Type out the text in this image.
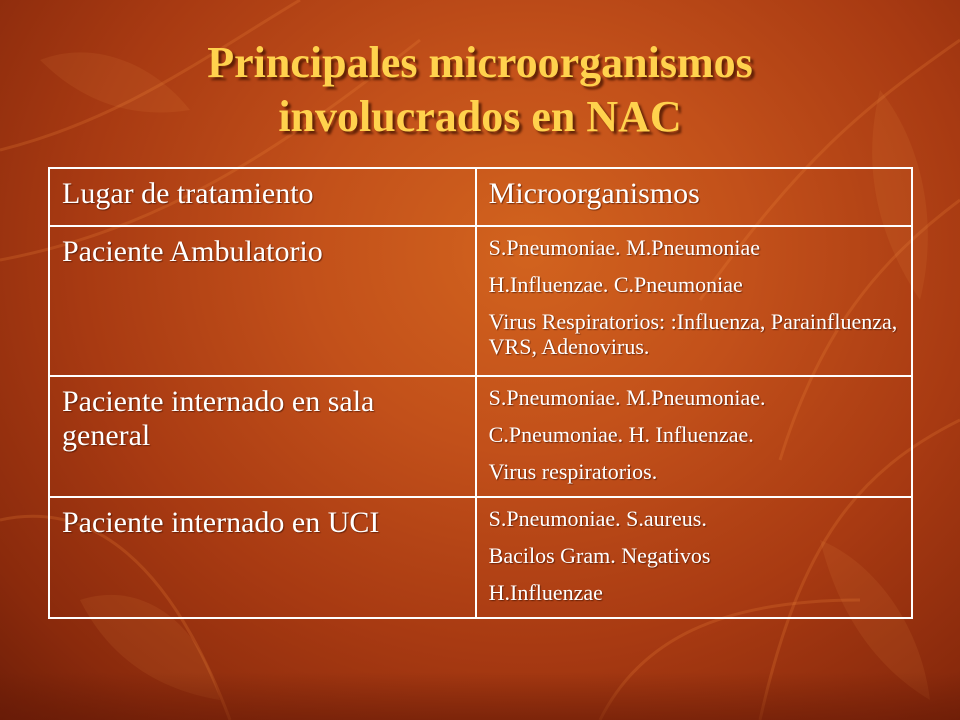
Principales microorganismos
involucrados en NAC
Lugar de tratamiento	Microorganismos

Paciente Ambulatorio	S.Pneumoniae. M.Pneumoniae

H.Influenzae. C.Pneumoniae

Virus Respiratorios: :Influenza, Parainfluenza, VRS, Adenovirus.

Paciente internado en sala general	S.Pneumoniae. M.Pneumoniae.

C.Pneumoniae. H. Influenzae.

Virus respiratorios.

Paciente internado en UCI	S.Pneumoniae. S.aureus.

Bacilos Gram. Negativos

H.Influenzae
